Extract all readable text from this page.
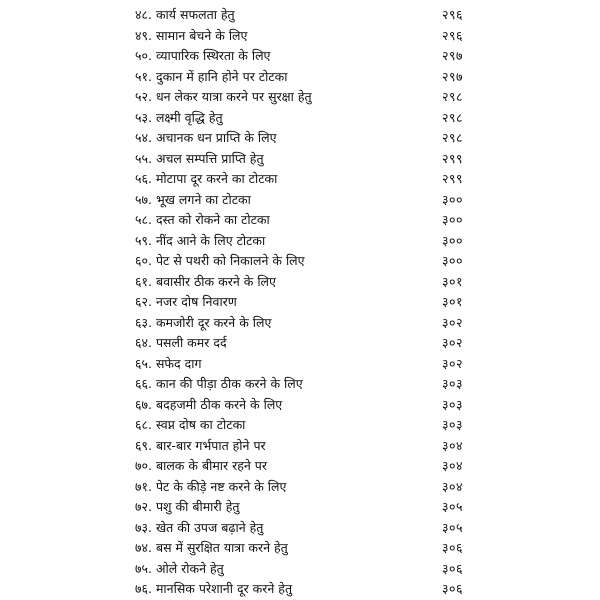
४८. कार्य सफलता हेतु	२९६
४९. सामान बेचने के लिए	२९६
५०. व्यापारिक स्थिरता के लिए	२९७
५१. दुकान में हानि होने पर टोटका	२९७
५२. धन लेकर यात्रा करने पर सुरक्षा हेतु	२९८
५३. लक्ष्मी वृद्धि हेतु	२९८
५४. अचानक धन प्राप्ति के लिए	२९८
५५. अचल सम्पत्ति प्राप्ति हेतु	२९९
५६. मोटापा दूर करने का टोटका	२९९
५७. भूख लगने का टोटका	३००
५८. दस्त को रोकने का टोटका	३००
५९. नींद आने के लिए टोटका	३००
६०. पेट से पथरी को निकालने के लिए	३००
६१. बवासीर ठीक करने के लिए	३०१
६२. नजर दोष निवारण	३०१
६३. कमजोरी दूर करने के लिए	३०२
६४. पसली कमर दर्द	३०२
६५. सफेद दाग	३०२
६६. कान की पीड़ा ठीक करने के लिए	३०३
६७. बदहजमी ठीक करने के लिए	३०३
६८. स्वप्न दोष का टोटका	३०३
६९. बार-बार गर्भपात होने पर	३०४
७०. बालक के बीमार रहने पर	३०४
७१. पेट के कीड़े नष्ट करने के लिए	३०४
७२. पशु की बीमारी हेतु	३०५
७३. खेत की उपज बढ़ाने हेतु	३०५
७४. बस में सुरक्षित यात्रा करने हेतु	३०६
७५. ओले रोकने हेतु	३०६
७६. मानसिक परेशानी दूर करने हेतु	३०६
